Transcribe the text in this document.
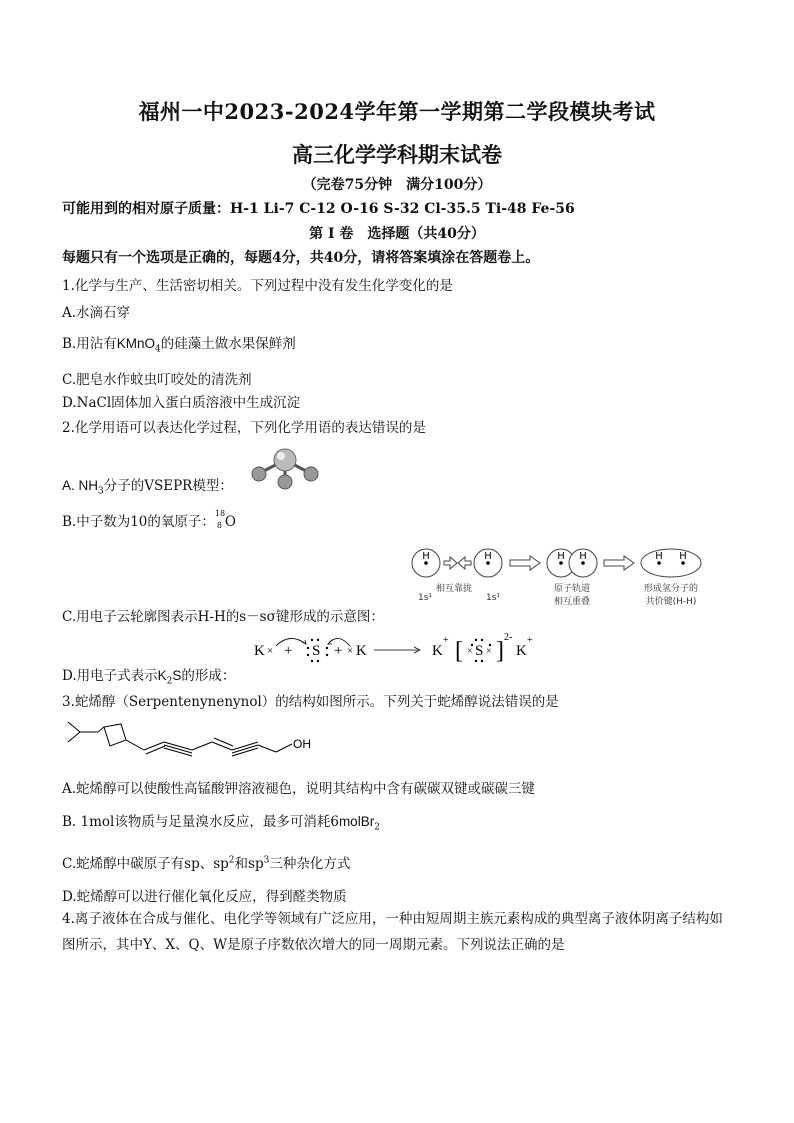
福州一中2023-2024学年第一学期第二学段模块考试
高三化学学科期末试卷
（完卷75分钟　满分100分）
可能用到的相对原子质量：H-1 Li-7 C-12 O-16 S-32 Cl-35.5 Ti-48 Fe-56
第 Ⅰ 卷　选择题（共40分）
每题只有一个选项是正确的，每题4分，共40分，请将答案填涂在答题卷上。
1.化学与生产、生活密切相关。下列过程中没有发生化学变化的是
A.水滴石穿
B.用沾有KMnO$_4$的硅藻土做水果保鲜剂
C.肥皂水作蚊虫叮咬处的清洗剂
D.NaCl固体加入蛋白质溶液中生成沉淀
2.化学用语可以表达化学过程，下列化学用语的表达错误的是
A. $NH_3$分子的VSEPR模型：
B.中子数为10的氧原子：
18
8 O
H	H	H H	H H
1s¹
相互靠拢
1s¹
原子轨道
相互重叠
形成氢分子的
共价键(H-H)
C.用电子云轮廓图表示H-H的s－sσ键形成的示意图：
K × + S + × K	K
+ [ × S × ]
2-
K
+
D.用电子式表示$K_2S$的形成：
3.蛇烯醇（Serpentenynenynol）的结构如图所示。下列关于蛇烯醇说法错误的是
OH
A.蛇烯醇可以使酸性高锰酸钾溶液褪色，说明其结构中含有碳碳双键或碳碳三键
B. 1mol该物质与足量溴水反应，最多可消耗6molBr$_2$
C.蛇烯醇中碳原子有sp、$sp^2$和$sp^3$三种杂化方式
D.蛇烯醇可以进行催化氧化反应，得到醛类物质
4.离子液体在合成与催化、电化学等领域有广泛应用，一种由短周期主族元素构成的典型离子液体阴离子结构如图所示，其中Y、X、Q、W是原子序数依次增大的同一周期元素。下列说法正确的是
